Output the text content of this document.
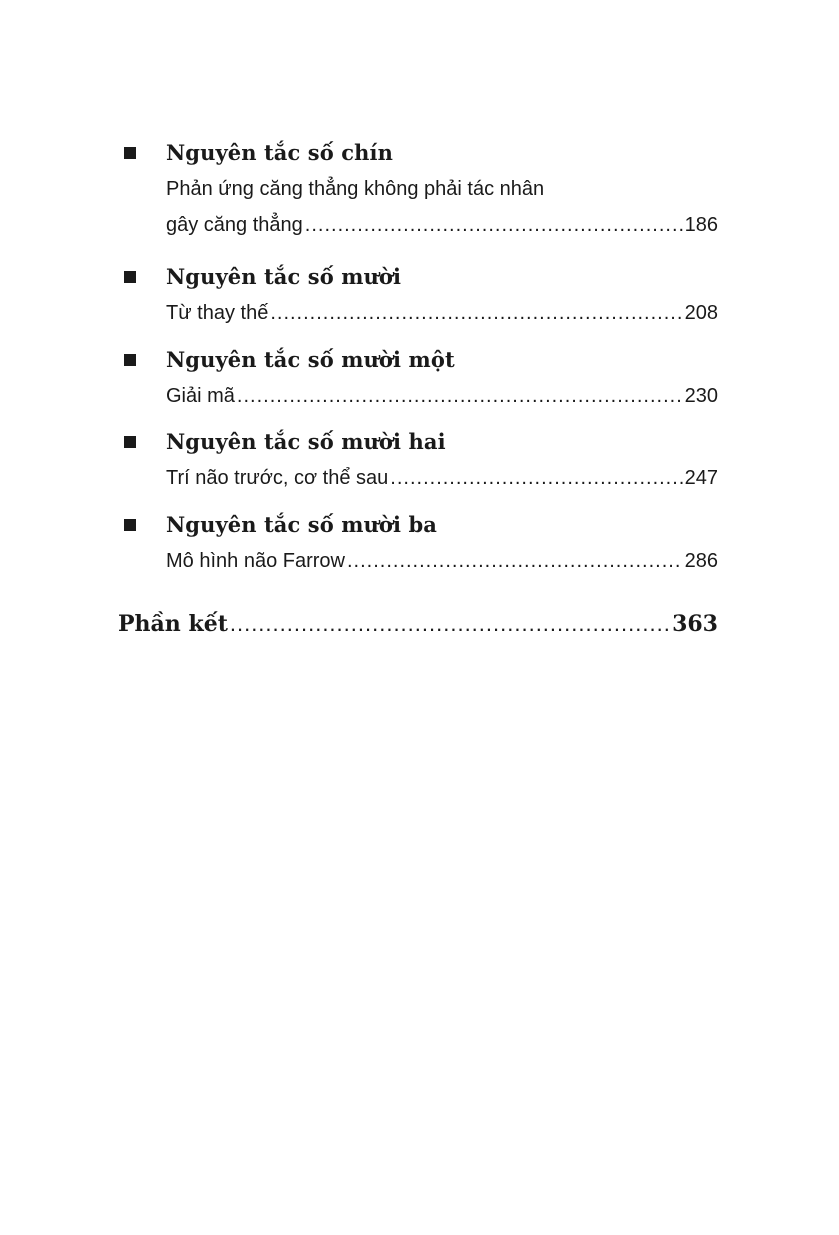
Nguyên tắc số chín
Phản ứng căng thẳng không phải tác nhân
gây căng thẳng .....	186
Nguyên tắc số mười
Từ thay thế .....	208
Nguyên tắc số mười một
Giải mã .....	230
Nguyên tắc số mười hai
Trí não trước, cơ thể sau .....	247
Nguyên tắc số mười ba
Mô hình não Farrow .....	286
Phần kết .....	363
